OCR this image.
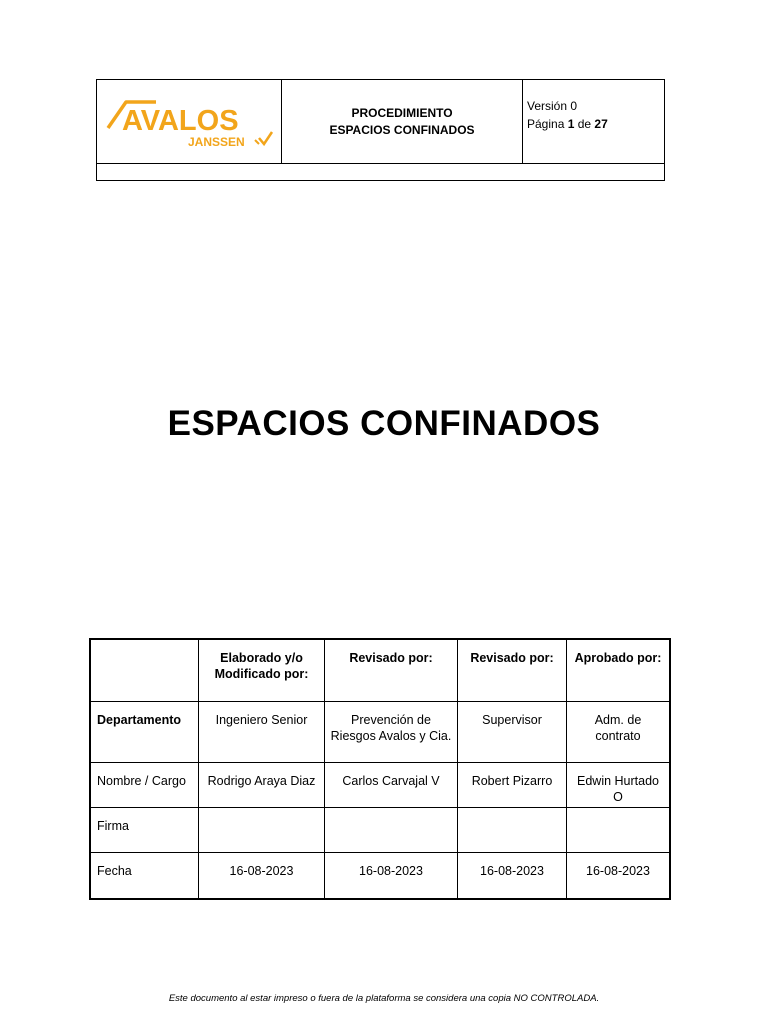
AVALOS
JANSSEN

PROCEDIMIENTO
ESPACIOS CONFINADOS

Versión 0
Página 1 de 27

ESPACIOS CONFINADOS
	Elaborado y/o Modificado por:	Revisado por:	Revisado por:	Aprobado por:
Departamento	Ingeniero Senior	Prevención de Riesgos Avalos y Cia.	Supervisor	Adm. de contrato
Nombre / Cargo	Rodrigo Araya Diaz	Carlos Carvajal V	Robert Pizarro	Edwin Hurtado O
Firma				
Fecha	16-08-2023	16-08-2023	16-08-2023	16-08-2023
Este documento al estar impreso o fuera de la plataforma se considera una copia NO CONTROLADA.
